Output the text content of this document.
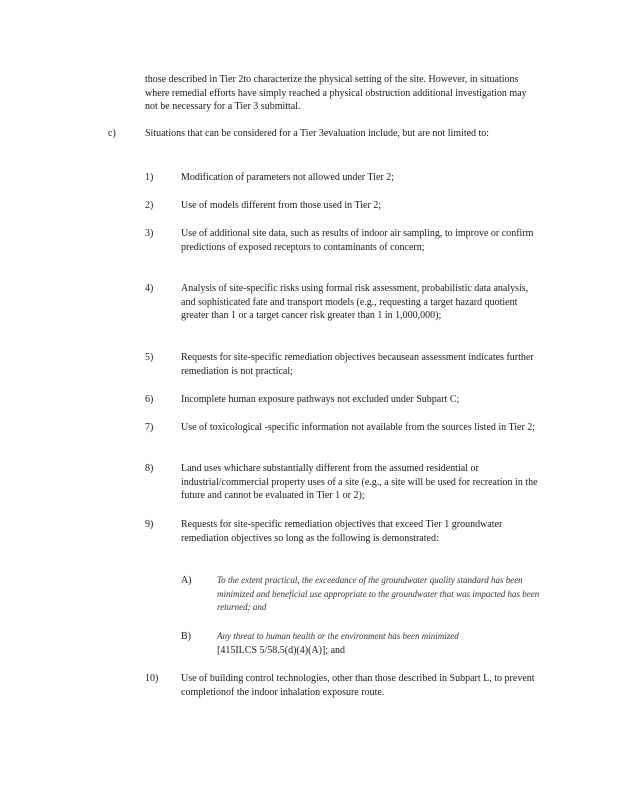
those described in Tier 2to characterize the physical setting of the site. However, in situations where remedial efforts have simply reached a physical obstruction additional investigation may not be necessary for a Tier 3 submittal.

c)	Situations that can be considered for a Tier 3evaluation include, but are not limited to:

1)	Modification of parameters not allowed under Tier 2;

2)	Use of models different from those used in Tier 2;

3)	Use of additional site data, such as results of indoor air sampling, to improve or confirm predictions of exposed receptors to contaminants of concern;

4)	Analysis of site-specific risks using formal risk assessment, probabilistic data analysis, and sophisticated fate and transport models (e.g., requesting a target hazard quotient greater than 1 or a target cancer risk greater than 1 in 1,000,000);

5)	Requests for site-specific remediation objectives becausean assessment indicates further remediation is not practical;

6)	Incomplete human exposure pathways not excluded under Subpart C;

7)	Use of toxicological -specific information not available from the sources listed in Tier 2;

8)	Land uses whichare substantially different from the assumed residential or industrial/commercial property uses of a site (e.g., a site will be used for recreation in the future and cannot be evaluated in Tier 1 or 2);

9)	Requests for site-specific remediation objectives that exceed Tier 1 groundwater remediation objectives so long as the following is demonstrated:

A)	To the extent practical, the exceedance of the groundwater quality standard has been minimized and beneficial use appropriate to the groundwater that was impacted has been returned; and

B)	Any threat to human health or the environment has been minimized
[415ILCS 5/58.5(d)(4)(A)]; and

10) Use of building control technologies, other than those described in Subpart L, to prevent completionof the indoor inhalation exposure route.
